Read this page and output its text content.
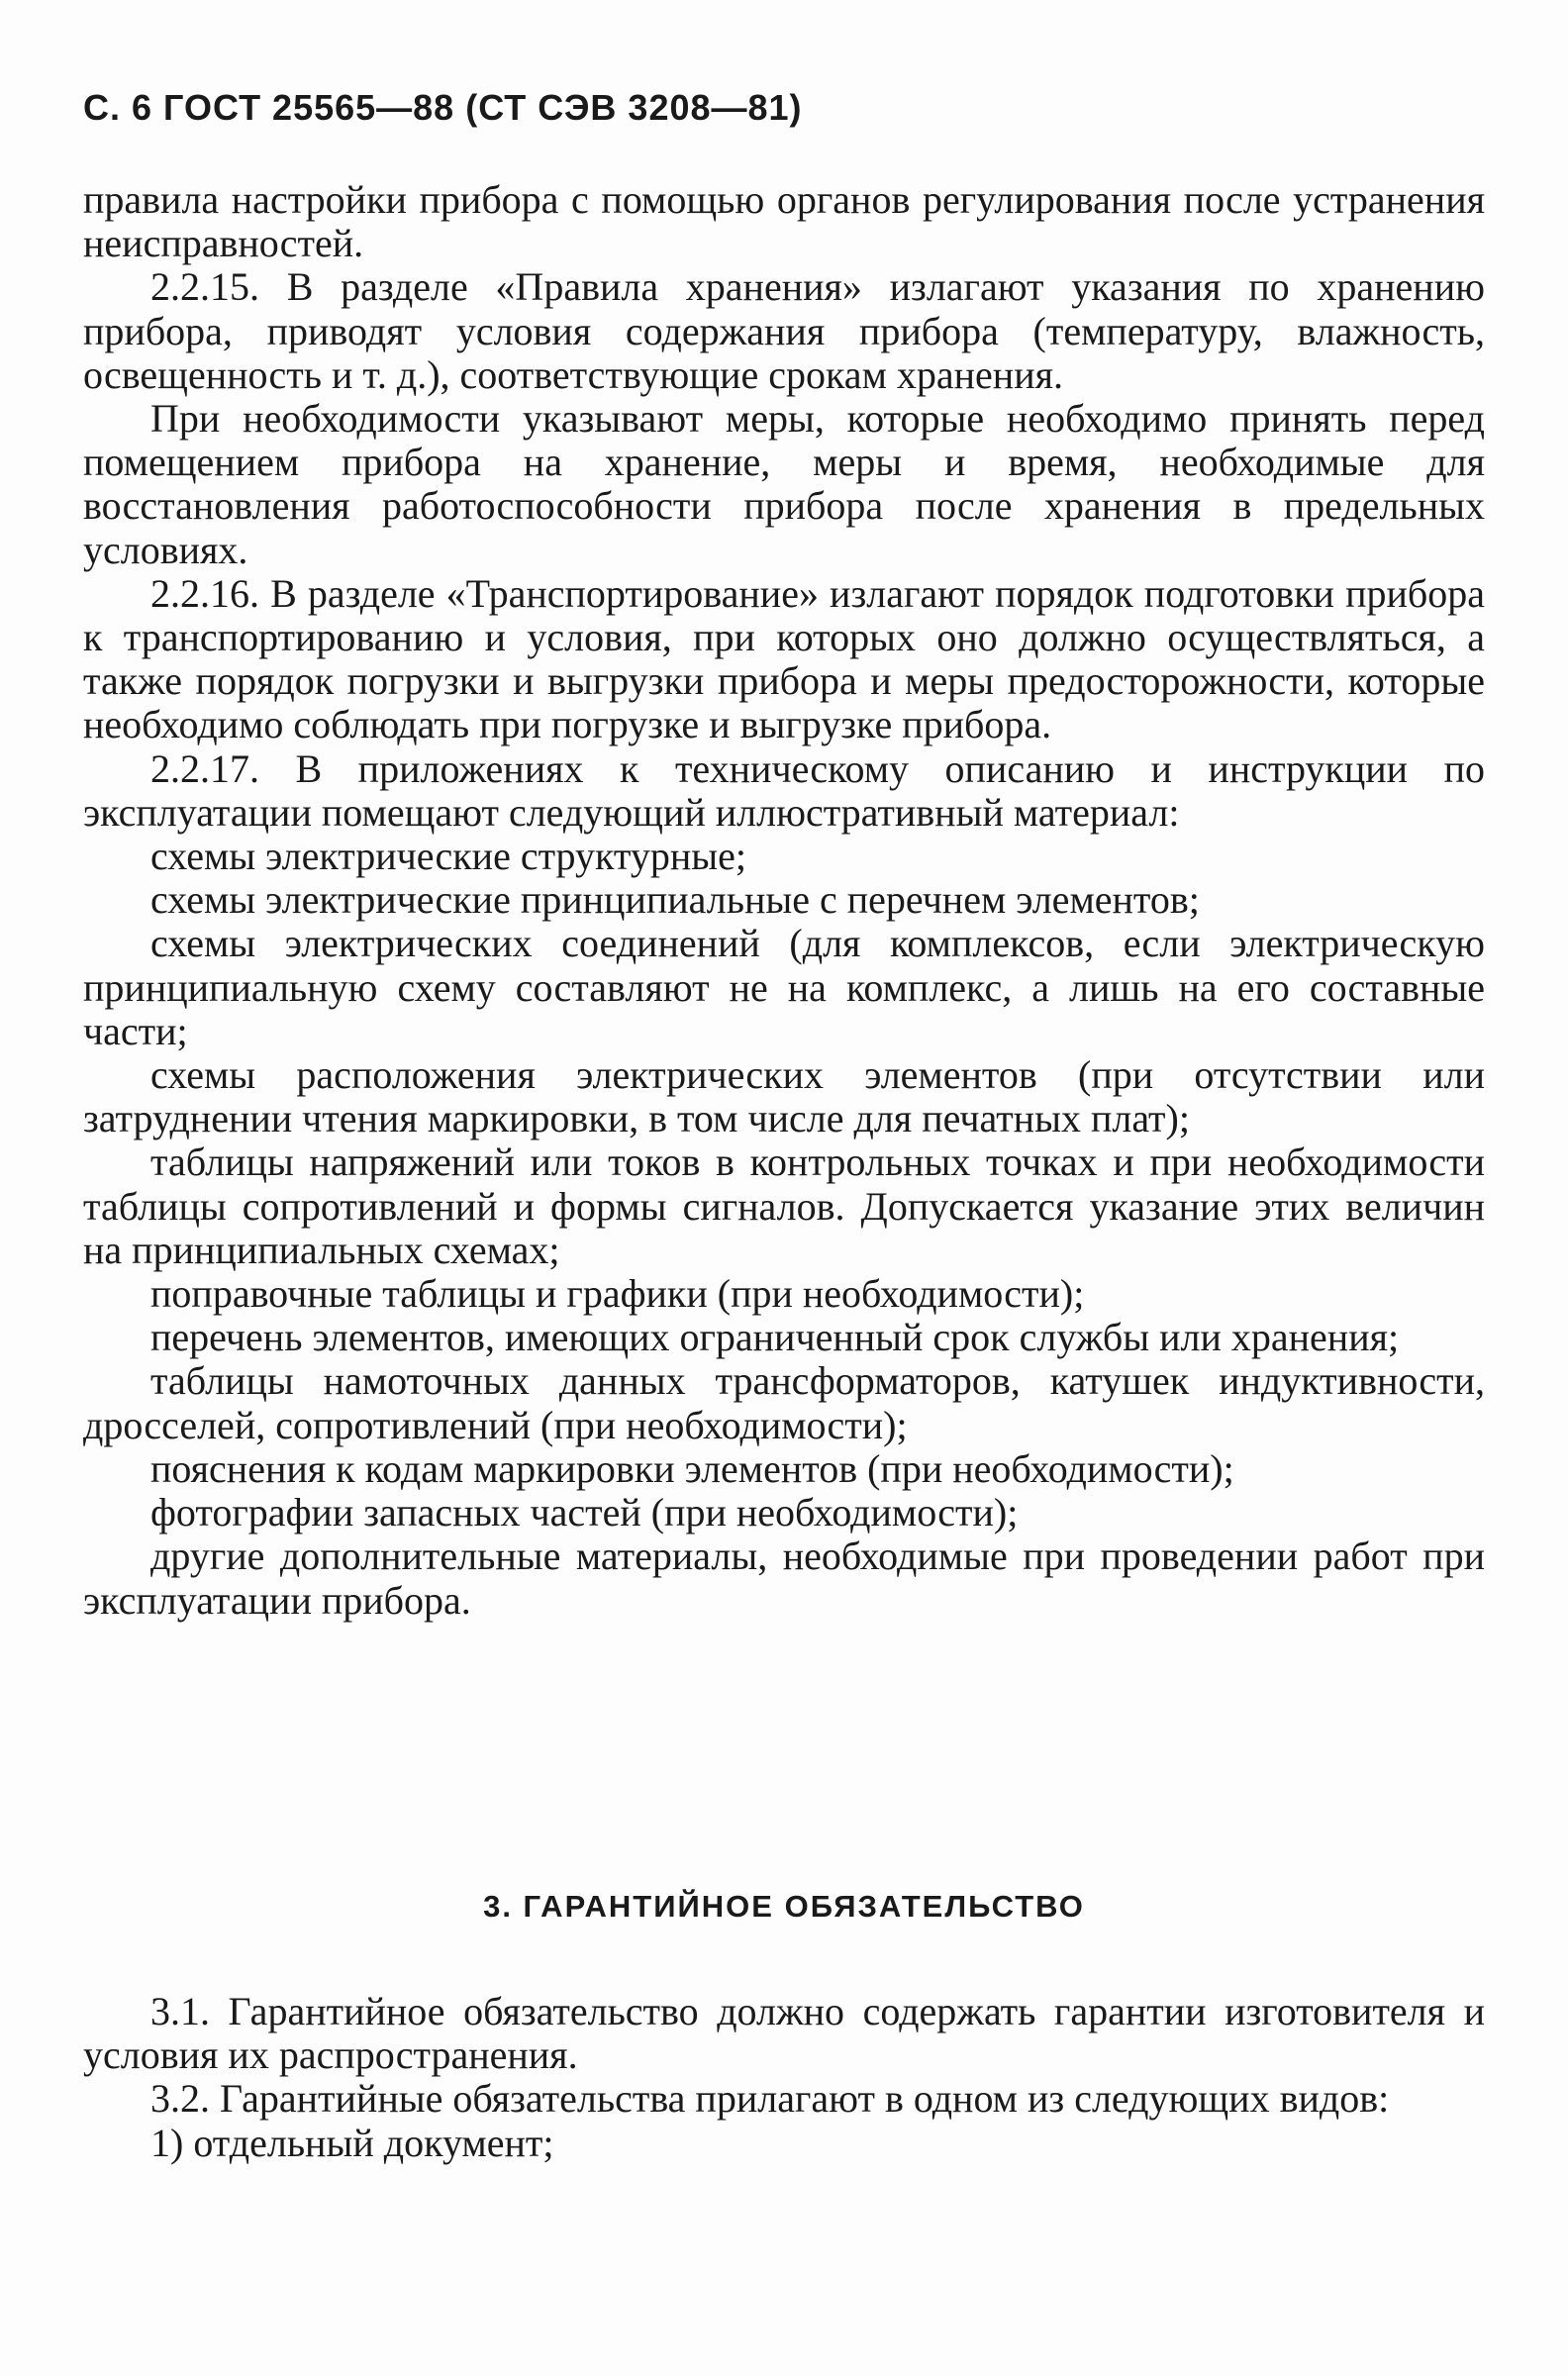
С. 6 ГОСТ 25565—88 (СТ СЭВ 3208—81)

правила настройки прибора с помощью органов регулирования после устранения неисправностей.

2.2.15. В разделе «Правила хранения» излагают указания по хранению прибора, приводят условия содержания прибора (температуру, влажность, освещенность и т. д.), соответствующие срокам хранения.

При необходимости указывают меры, которые необходимо принять перед помещением прибора на хранение, меры и время, необходимые для восстановления работоспособности прибора после хранения в предельных условиях.

2.2.16. В разделе «Транспортирование» излагают порядок подготовки прибора к транспортированию и условия, при которых оно должно осуществляться, а также порядок погрузки и выгрузки прибора и меры предосторожности, которые необходимо соблюдать при погрузке и выгрузке прибора.

2.2.17. В приложениях к техническому описанию и инструкции по эксплуатации помещают следующий иллюстративный материал:

схемы электрические структурные;

схемы электрические принципиальные с перечнем элементов;

схемы электрических соединений (для комплексов, если электрическую принципиальную схему составляют не на комплекс, а лишь на его составные части;

схемы расположения электрических элементов (при отсутствии или затруднении чтения маркировки, в том числе для печатных плат);

таблицы напряжений или токов в контрольных точках и при необходимости таблицы сопротивлений и формы сигналов. Допускается указание этих величин на принципиальных схемах;

поправочные таблицы и графики (при необходимости);

перечень элементов, имеющих ограниченный срок службы или хранения;

таблицы намоточных данных трансформаторов, катушек индуктивности, дросселей, сопротивлений (при необходимости);

пояснения к кодам маркировки элементов (при необходимости);

фотографии запасных частей (при необходимости);

другие дополнительные материалы, необходимые при проведении работ при эксплуатации прибора.

3. ГАРАНТИЙНОЕ ОБЯЗАТЕЛЬСТВО

3.1. Гарантийное обязательство должно содержать гарантии изготовителя и условия их распространения.

3.2. Гарантийные обязательства прилагают в одном из следующих видов:

1) отдельный документ;
